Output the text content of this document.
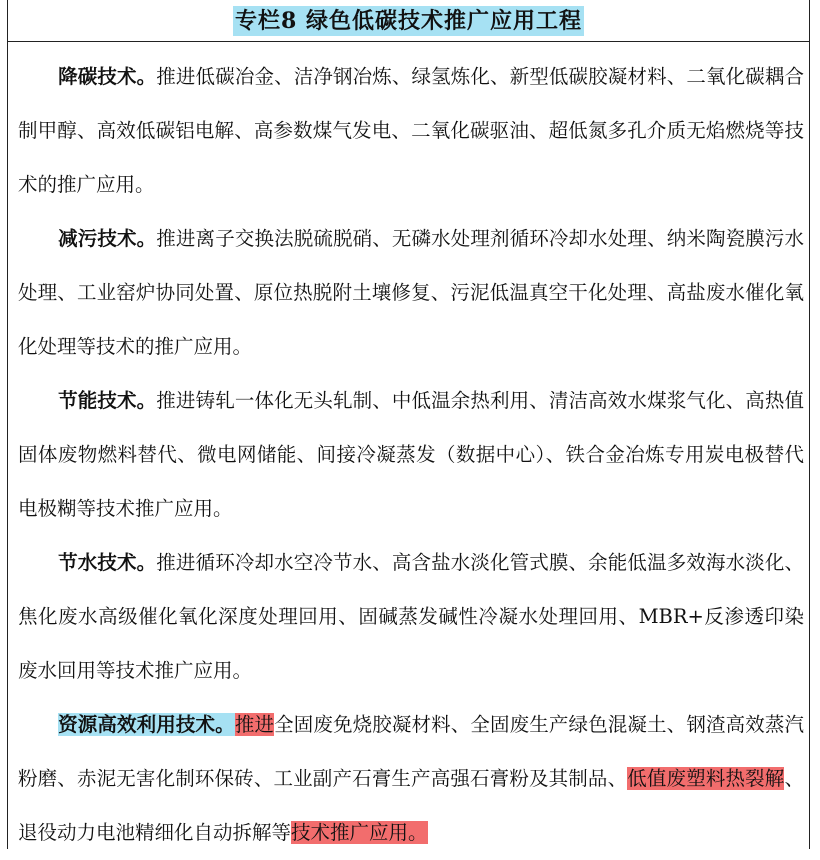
专栏8 绿色低碳技术推广应用工程

降碳技术。推进低碳冶金、洁净钢冶炼、绿氢炼化、新型低碳胶凝材料、二氧化碳耦合制甲醇、高效低碳铝电解、高参数煤气发电、二氧化碳驱油、超低氮多孔介质无焰燃烧等技术的推广应用。

减污技术。推进离子交换法脱硫脱硝、无磷水处理剂循环冷却水处理、纳米陶瓷膜污水处理、工业窑炉协同处置、原位热脱附土壤修复、污泥低温真空干化处理、高盐废水催化氧化处理等技术的推广应用。

节能技术。推进铸轧一体化无头轧制、中低温余热利用、清洁高效水煤浆气化、高热值固体废物燃料替代、微电网储能、间接冷凝蒸发（数据中心）、铁合金冶炼专用炭电极替代电极糊等技术推广应用。

节水技术。推进循环冷却水空冷节水、高含盐水淡化管式膜、余能低温多效海水淡化、焦化废水高级催化氧化深度处理回用、固碱蒸发碱性冷凝水处理回用、MBR+反渗透印染废水回用等技术推广应用。

资源高效利用技术。推进全固废免烧胶凝材料、全固废生产绿色混凝土、钢渣高效蒸汽粉磨、赤泥无害化制环保砖、工业副产石膏生产高强石膏粉及其制品、低值废塑料热裂解、退役动力电池精细化自动拆解等技术推广应用。
